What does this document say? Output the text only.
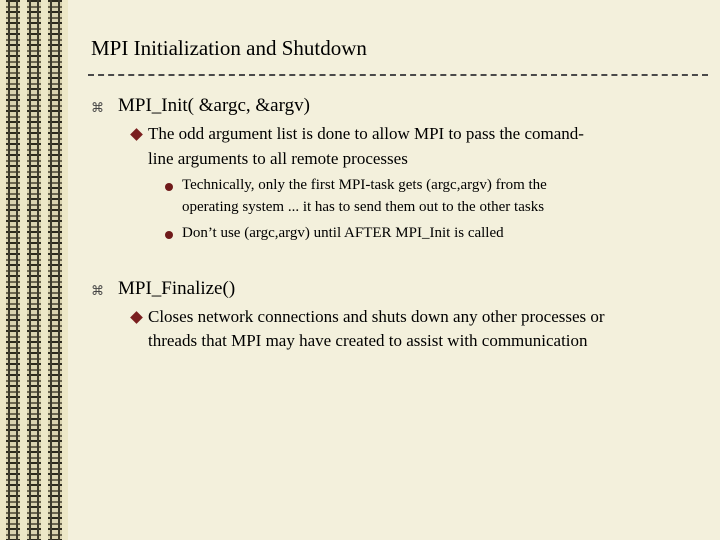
MPI Initialization and Shutdown
⌘ MPI_Init( &argc, &argv)
The odd argument list is done to allow MPI to pass the comand-
line arguments to all remote processes
Technically, only the first MPI-task gets (argc,argv) from the
operating system ... it has to send them out to the other tasks
Don’t use (argc,argv) until AFTER MPI_Init is called
⌘ MPI_Finalize()
Closes network connections and shuts down any other processes or
threads that MPI may have created to assist with communication
